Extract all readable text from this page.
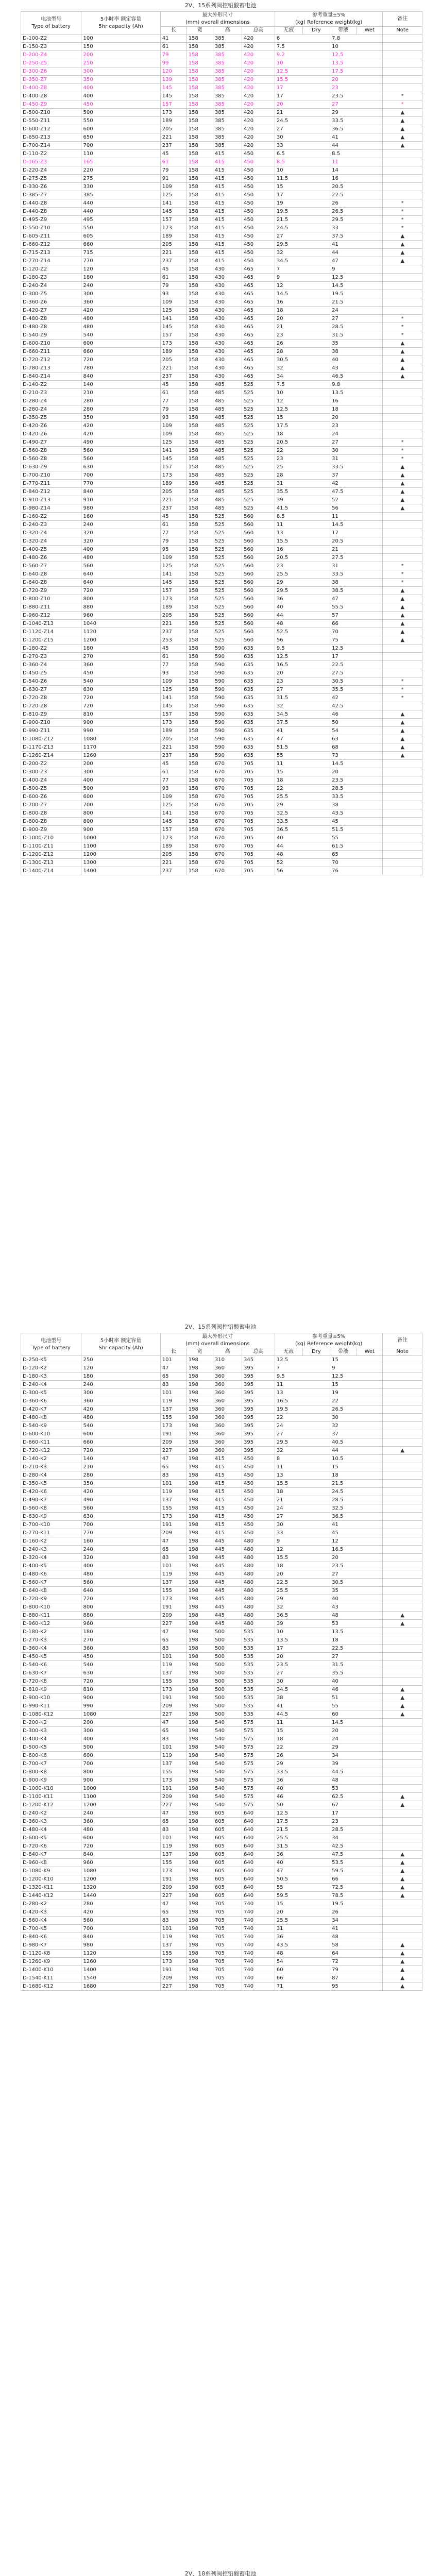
2V、15系列阀控铅酸蓄电池
电池型号
Type of battery	5小时率 额定容量
5hr capacity (Ah)	最大外形尺寸
(mm) overall dimensions				参考重量±5%
(kg) Reference weight(kg)				备注
		长	宽	高	总高	无液	Dry	带液	Wet	Note
D-100-Z2	100	41	158	385	420	6		7.8		
D-150-Z3	150	61	158	385	420	7.5		10		
D-200-Z4	200	79	158	385	420	9.2		12.5		
D-250-Z5	250	99	158	385	420	10		13.5		
D-300-Z6	300	120	158	385	420	12.5		17.5		
D-350-Z7	350	139	158	385	420	15.5		20		
D-400-Z8	400	145	158	385	420	17		23		
D-400-Z8	400	145	158	385	420	17		23.5		*
D-450-Z9	450	157	158	385	420	20		27		*
D-500-Z10	500	173	158	385	420	21		29		▲
D-550-Z11	550	189	158	385	420	24.5		33.5		▲
D-600-Z12	600	205	158	385	420	27		36.5		▲
D-650-Z13	650	221	158	385	420	30		41		▲
D-700-Z14	700	237	158	385	420	33		44		▲
D-110-Z2	110	45	158	415	450	6.5		8.5		
D-165-Z3	165	61	158	415	450	8.5		11		
D-220-Z4	220	79	158	415	450	10		14		
D-275-Z5	275	91	158	415	450	11.5		16		
D-330-Z6	330	109	158	415	450	15		20.5		
D-385-Z7	385	125	158	415	450	17		22.5		
D-440-Z8	440	141	158	415	450	19		26		*
D-440-Z8	440	145	158	415	450	19.5		26.5		*
D-495-Z9	495	157	158	415	450	21.5		29.5		*
D-550-Z10	550	173	158	415	450	24.5		33		*
D-605-Z11	605	189	158	415	450	27		37.5		▲
D-660-Z12	660	205	158	415	450	29.5		41		▲
D-715-Z13	715	221	158	415	450	32		44		▲
D-770-Z14	770	237	158	415	450	34.5		47		▲
D-120-Z2	120	45	158	430	465	7		9		
D-180-Z3	180	61	158	430	465	9		12.5		
D-240-Z4	240	79	158	430	465	12		14.5		
D-300-Z5	300	93	158	430	465	14.5		19.5		
D-360-Z6	360	109	158	430	465	16		21.5		
D-420-Z7	420	125	158	430	465	18		24		
D-480-Z8	480	141	158	430	465	20		27		*
D-480-Z8	480	145	158	430	465	21		28.5		*
D-540-Z9	540	157	158	430	465	23		31.5		*
D-600-Z10	600	173	158	430	465	26		35		▲
D-660-Z11	660	189	158	430	465	28		38		▲
D-720-Z12	720	205	158	430	465	30.5		40		▲
D-780-Z13	780	221	158	430	465	32		43		▲
D-840-Z14	840	237	158	430	465	34		46.5		▲
D-140-Z2	140	45	158	485	525	7.5		9.8		
D-210-Z3	210	61	158	485	525	10		13.5		
D-280-Z4	280	77	158	485	525	12		16		
D-280-Z4	280	79	158	485	525	12.5		18		
D-350-Z5	350	93	158	485	525	15		20		
D-420-Z6	420	109	158	485	525	17.5		23		
D-420-Z6	420	109	158	485	525	18		24		
D-490-Z7	490	125	158	485	525	20.5		27		*
D-560-Z8	560	141	158	485	525	22		30		*
D-560-Z8	560	145	158	485	525	23		31		*
D-630-Z9	630	157	158	485	525	25		33.5		▲
D-700-Z10	700	173	158	485	525	28		37		▲
D-770-Z11	770	189	158	485	525	31		42		▲
D-840-Z12	840	205	158	485	525	35.5		47.5		▲
D-910-Z13	910	221	158	485	525	39		52		▲
D-980-Z14	980	237	158	485	525	41.5		56		▲
D-160-Z2	160	45	158	525	560	8.5		11		
D-240-Z3	240	61	158	525	560	11		14.5		
D-320-Z4	320	77	158	525	560	13		17		
D-320-Z4	320	79	158	525	560	15.5		20.5		
D-400-Z5	400	95	158	525	560	16		21		
D-480-Z6	480	109	158	525	560	20.5		27.5		
D-560-Z7	560	125	158	525	560	23		31		*
D-640-Z8	640	141	158	525	560	25.5		33.5		*
D-640-Z8	640	145	158	525	560	29		38		*
D-720-Z9	720	157	158	525	560	29.5		38.5		▲
D-800-Z10	800	173	158	525	560	36		47		▲
D-880-Z11	880	189	158	525	560	40		55.5		▲
D-960-Z12	960	205	158	525	560	44		57		▲
D-1040-Z13	1040	221	158	525	560	48		66		▲
D-1120-Z14	1120	237	158	525	560	52.5		70		▲
D-1200-Z15	1200	253	158	525	560	56		75		▲
D-180-Z2	180	45	158	590	635	9.5		12.5		
D-270-Z3	270	61	158	590	635	12.5		17		
D-360-Z4	360	77	158	590	635	16.5		22.5		
D-450-Z5	450	93	158	590	635	20		27.5		
D-540-Z6	540	109	158	590	635	23		30.5		*
D-630-Z7	630	125	158	590	635	27		35.5		*
D-720-Z8	720	141	158	590	635	31.5		42		*
D-720-Z8	720	145	158	590	635	32		42.5		
D-810-Z9	810	157	158	590	635	34.5		46		▲
D-900-Z10	900	173	158	590	635	37.5		50		▲
D-990-Z11	990	189	158	590	635	41		54		▲
D-1080-Z12	1080	205	158	590	635	47		63		▲
D-1170-Z13	1170	221	158	590	635	51.5		68		▲
D-1260-Z14	1260	237	158	590	635	55		73		▲
D-200-Z2	200	45	158	670	705	11		14.5		
D-300-Z3	300	61	158	670	705	15		20		
D-400-Z4	400	77	158	670	705	18		23.5		
D-500-Z5	500	93	158	670	705	22		28.5		
D-600-Z6	600	109	158	670	705	25.5		33.5		
D-700-Z7	700	125	158	670	705	29		38		
D-800-Z8	800	141	158	670	705	32.5		43.5		
D-800-Z8	800	145	158	670	705	33.5		45		
D-900-Z9	900	157	158	670	705	36.5		51.5		
D-1000-Z10	1000	173	158	670	705	40		55		
D-1100-Z11	1100	189	158	670	705	44		61.5		
D-1200-Z12	1200	205	158	670	705	48		65		
D-1300-Z13	1300	221	158	670	705	52		70		
D-1400-Z14	1400	237	158	670	705	56		76		
2V、15系列阀控铅酸蓄电池
电池型号
Type of battery	5小时率 额定容量
Shr capacity (Ah)	最大外形尺寸
(mm) overall dimensions				参考重量±5%
(kg) Reference weight(kg)				备注
		长	宽	高	总高	无液	Dry	带液	Wet	Note
D-250-K5	250	101	198	310	345	12.5		15		
D-120-K2	120	47	198	360	395	7		9		
D-180-K3	180	65	198	360	395	9.5		12.5		
D-240-K4	240	83	198	360	395	11		15		
D-300-K5	300	101	198	360	395	13		19		
D-360-K6	360	119	198	360	395	16.5		22		
D-420-K7	420	137	198	360	395	19.5		26.5		
D-480-K8	480	155	198	360	395	22		30		
D-540-K9	540	173	198	360	395	24		32		
D-600-K10	600	191	198	360	395	27		37		
D-660-K11	660	209	198	360	395	29.5		40.5		
D-720-K12	720	227	198	360	395	32		44		▲
D-140-K2	140	47	198	415	450	8		10.5		
D-210-K3	210	65	198	415	450	11		15		
D-280-K4	280	83	198	415	450	13		18		
D-350-K5	350	101	198	415	450	15.5		21.5		
D-420-K6	420	119	198	415	450	18		24.5		
D-490-K7	490	137	198	415	450	21		28.5		
D-560-K8	560	155	198	415	450	24		32.5		
D-630-K9	630	173	198	415	450	27		36.5		
D-700-K10	700	191	198	415	450	30		41		
D-770-K11	770	209	198	415	450	33		45		
D-160-K2	160	47	198	445	480	9		12		
D-240-K3	240	65	198	445	480	12		16.5		
D-320-K4	320	83	198	445	480	15.5		20		
D-400-K5	400	101	198	445	480	18		23.5		
D-480-K6	480	119	198	445	480	20		27		
D-560-K7	560	137	198	445	480	22.5		30.5		
D-640-K8	640	155	198	445	480	25.5		35		
D-720-K9	720	173	198	445	480	29		40		
D-800-K10	800	191	198	445	480	32		43		
D-880-K11	880	209	198	445	480	36.5		48		▲
D-960-K12	960	227	198	445	480	39		53		▲
D-180-K2	180	47	198	500	535	10		13.5		
D-270-K3	270	65	198	500	535	13.5		18		
D-360-K4	360	83	198	500	535	17		22.5		
D-450-K5	450	101	198	500	535	20		27		
D-540-K6	540	119	198	500	535	23.5		31.5		
D-630-K7	630	137	198	500	535	27		35.5		
D-720-K8	720	155	198	500	535	30		40		
D-810-K9	810	173	198	500	535	34.5		46		▲
D-900-K10	900	191	198	500	535	38		51		▲
D-990-K11	990	209	198	500	535	41		55		▲
D-1080-K12	1080	227	198	500	535	44.5		60		▲
D-200-K2	200	47	198	540	575	11		14.5		
D-300-K3	300	65	198	540	575	15		20		
D-400-K4	400	83	198	540	575	18		24		
D-500-K5	500	101	198	540	575	22		29		
D-600-K6	600	119	198	540	575	26		34		
D-700-K7	700	137	198	540	575	29		39		
D-800-K8	800	155	198	540	575	33.5		44.5		
D-900-K9	900	173	198	540	575	36		48		
D-1000-K10	1000	191	198	540	575	40		53		
D-1100-K11	1100	209	198	540	575	46		62.5		▲
D-1200-K12	1200	227	198	540	575	50		67		▲
D-240-K2	240	47	198	605	640	12.5		17		
D-360-K3	360	65	198	605	640	17.5		23		
D-480-K4	480	83	198	605	640	21.5		28.5		
D-600-K5	600	101	198	605	640	25.5		34		
D-720-K6	720	119	198	605	640	31.5		42.5		
D-840-K7	840	137	198	605	640	36		47.5		▲
D-960-K8	960	155	198	605	640	40		53.5		▲
D-1080-K9	1080	173	198	605	640	47		59.5		▲
D-1200-K10	1200	191	198	605	640	50.5		66		▲
D-1320-K11	1320	209	198	605	640	55		72.5		▲
D-1440-K12	1440	227	198	605	640	59.5		78.5		▲
D-280-K2	280	47	198	705	740	15		19.5		
D-420-K3	420	65	198	705	740	20		26		
D-560-K4	560	83	198	705	740	25.5		34		
D-700-K5	700	101	198	705	740	31		41		
D-840-K6	840	119	198	705	740	36		48		
D-980-K7	980	137	198	705	740	43.5		58		▲
D-1120-K8	1120	155	198	705	740	48		64		▲
D-1260-K9	1260	173	198	705	740	54		72		▲
D-1400-K10	1400	191	198	705	740	60		79		▲
D-1540-K11	1540	209	198	705	740	66		87		▲
D-1680-K12	1680	227	198	705	740	71		95		▲
2V、18系列阀控铅酸蓄电池
